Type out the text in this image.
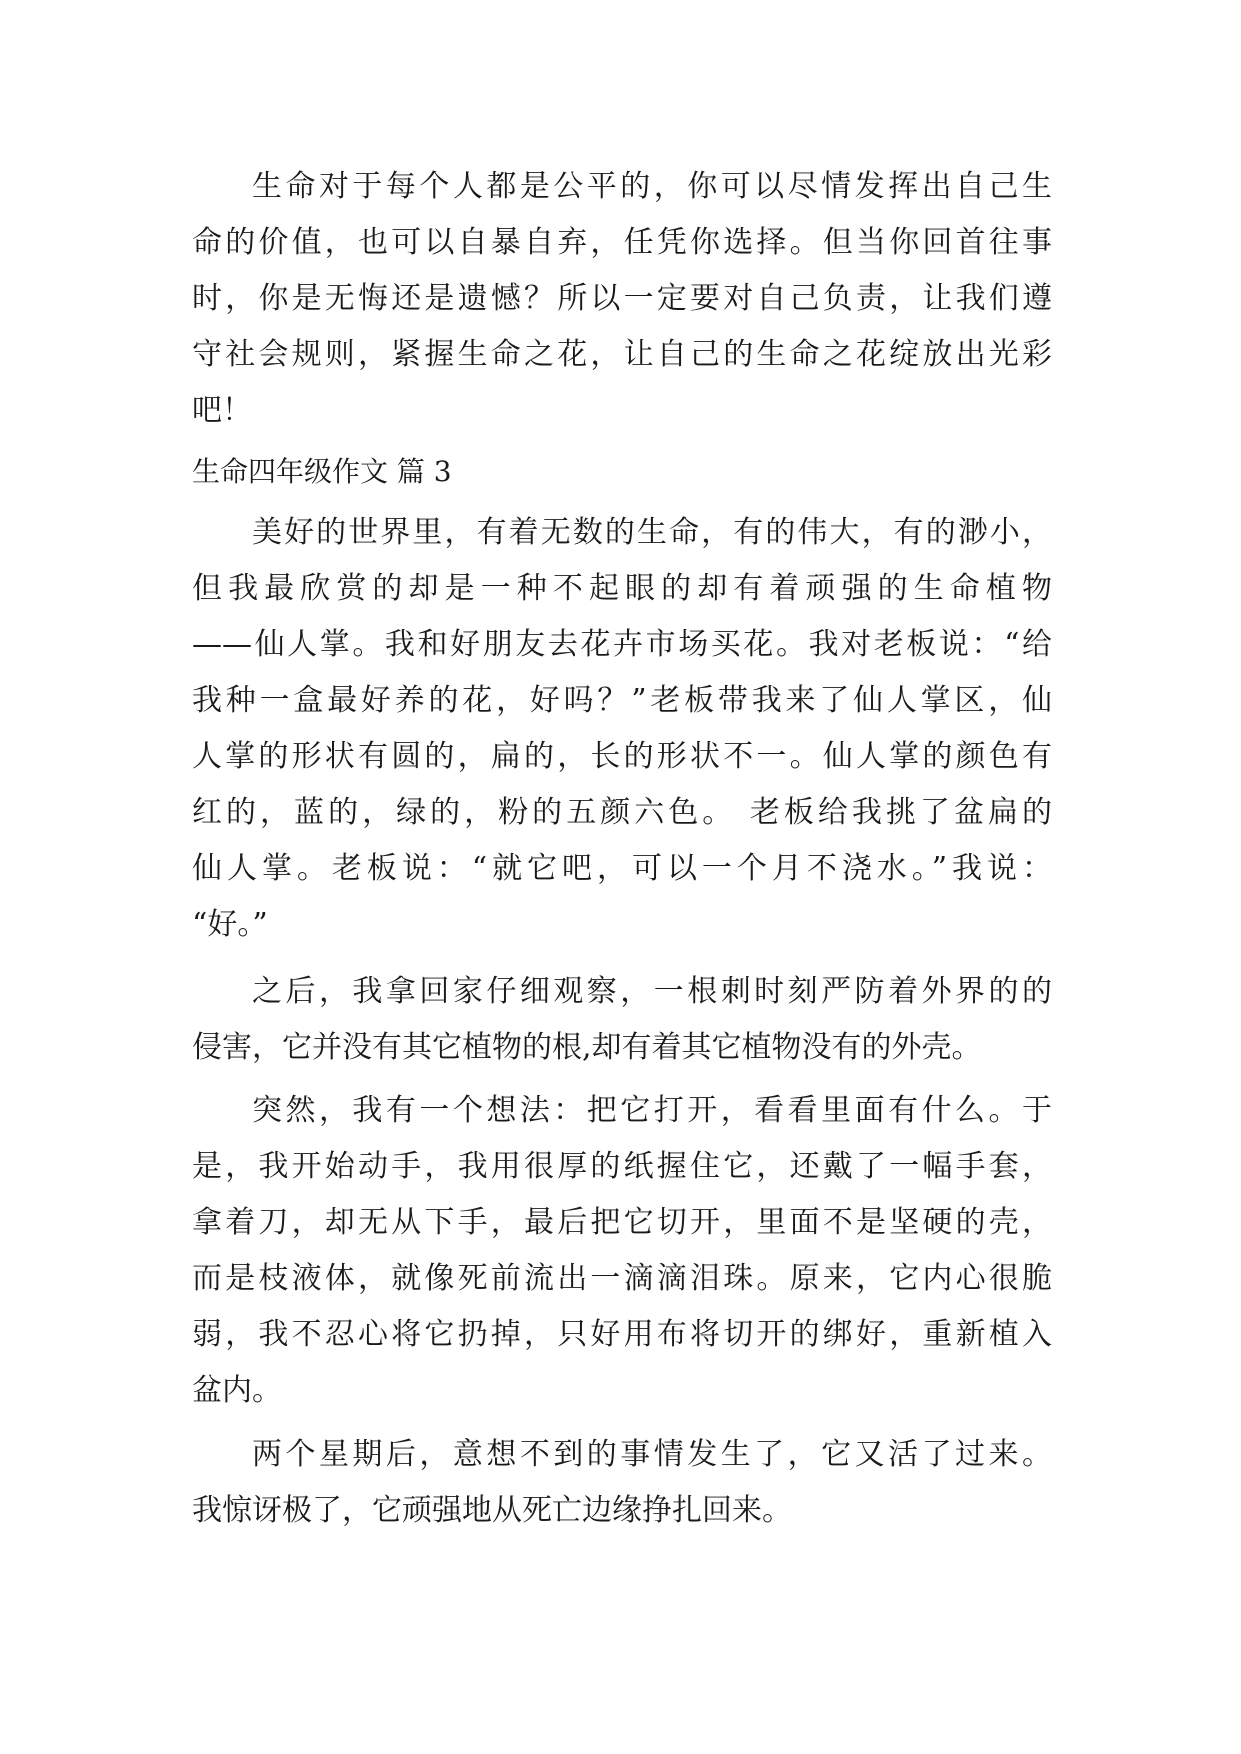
生命对于每个人都是公平的，你可以尽情发挥出自己生
命的价值，也可以自暴自弃，任凭你选择。但当你回首往事
时，你是无悔还是遗憾？所以一定要对自己负责，让我们遵
守社会规则，紧握生命之花，让自己的生命之花绽放出光彩
吧！
生命四年级作文 篇 3
美好的世界里，有着无数的生命，有的伟大，有的渺小，
但我最欣赏的却是一种不起眼的却有着顽强的生命植物
——仙人掌。我和好朋友去花卉市场买花。我对老板说：“给
我种一盒最好养的花，好吗？”老板带我来了仙人掌区，仙
人掌的形状有圆的，扁的，长的形状不一。仙人掌的颜色有
红的，蓝的，绿的，粉的五颜六色。 老板给我挑了盆扁的
仙人掌。老板说：“就它吧，可以一个月不浇水。”我说：
“好。”
之后，我拿回家仔细观察，一根刺时刻严防着外界的的
侵害，它并没有其它植物的根,却有着其它植物没有的外壳。
突然，我有一个想法：把它打开，看看里面有什么。于
是，我开始动手，我用很厚的纸握住它，还戴了一幅手套，
拿着刀，却无从下手，最后把它切开，里面不是坚硬的壳，
而是枝液体，就像死前流出一滴滴泪珠。原来，它内心很脆
弱，我不忍心将它扔掉，只好用布将切开的绑好，重新植入
盆内。
两个星期后，意想不到的事情发生了，它又活了过来。
我惊讶极了，它顽强地从死亡边缘挣扎回来。
